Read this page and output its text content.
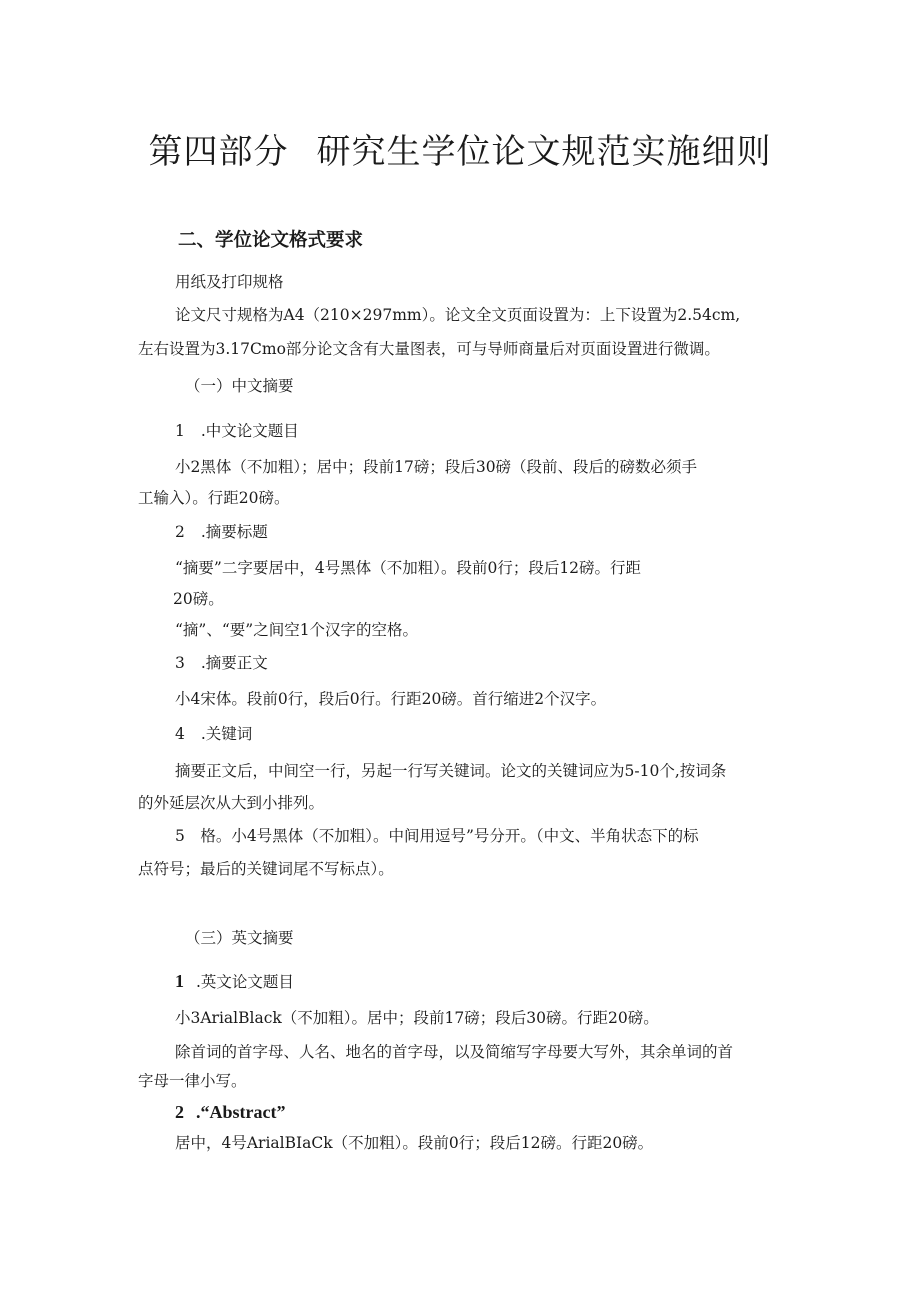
第四部分 研究生学位论文规范实施细则
二、学位论文格式要求
用纸及打印规格
论文尺寸规格为A4（210×297mm）。论文全文页面设置为：上下设置为2.54cm,
左右设置为3.17Cmo部分论文含有大量图表，可与导师商量后对页面设置进行微调。
（一）中文摘要
1 .中文论文题目
小2黑体（不加粗）；居中；段前17磅；段后30磅（段前、段后的磅数必须手
工输入）。行距20磅。
2 .摘要标题
“摘要”二字要居中，4号黑体（不加粗）。段前0行；段后12磅。行距
20磅。
“摘”、“要”之间空1个汉字的空格。
3 .摘要正文
小4宋体。段前0行，段后0行。行距20磅。首行缩进2个汉字。
4 .关键词
摘要正文后，中间空一行，另起一行写关键词。论文的关键词应为5-10个,按词条
的外延层次从大到小排列。
5　格。小4号黑体（不加粗）。中间用逗号”号分开。（中文、半角状态下的标
点符号；最后的关键词尾不写标点）。
（三）英文摘要
1 .英文论文题目
小3ArialBlack（不加粗）。居中；段前17磅；段后30磅。行距20磅。
除首词的首字母、人名、地名的首字母，以及简缩写字母要大写外，其余单词的首
字母一律小写。
2 .“Abstract”
居中，4号ArialBIaCk（不加粗）。段前0行；段后12磅。行距20磅。
